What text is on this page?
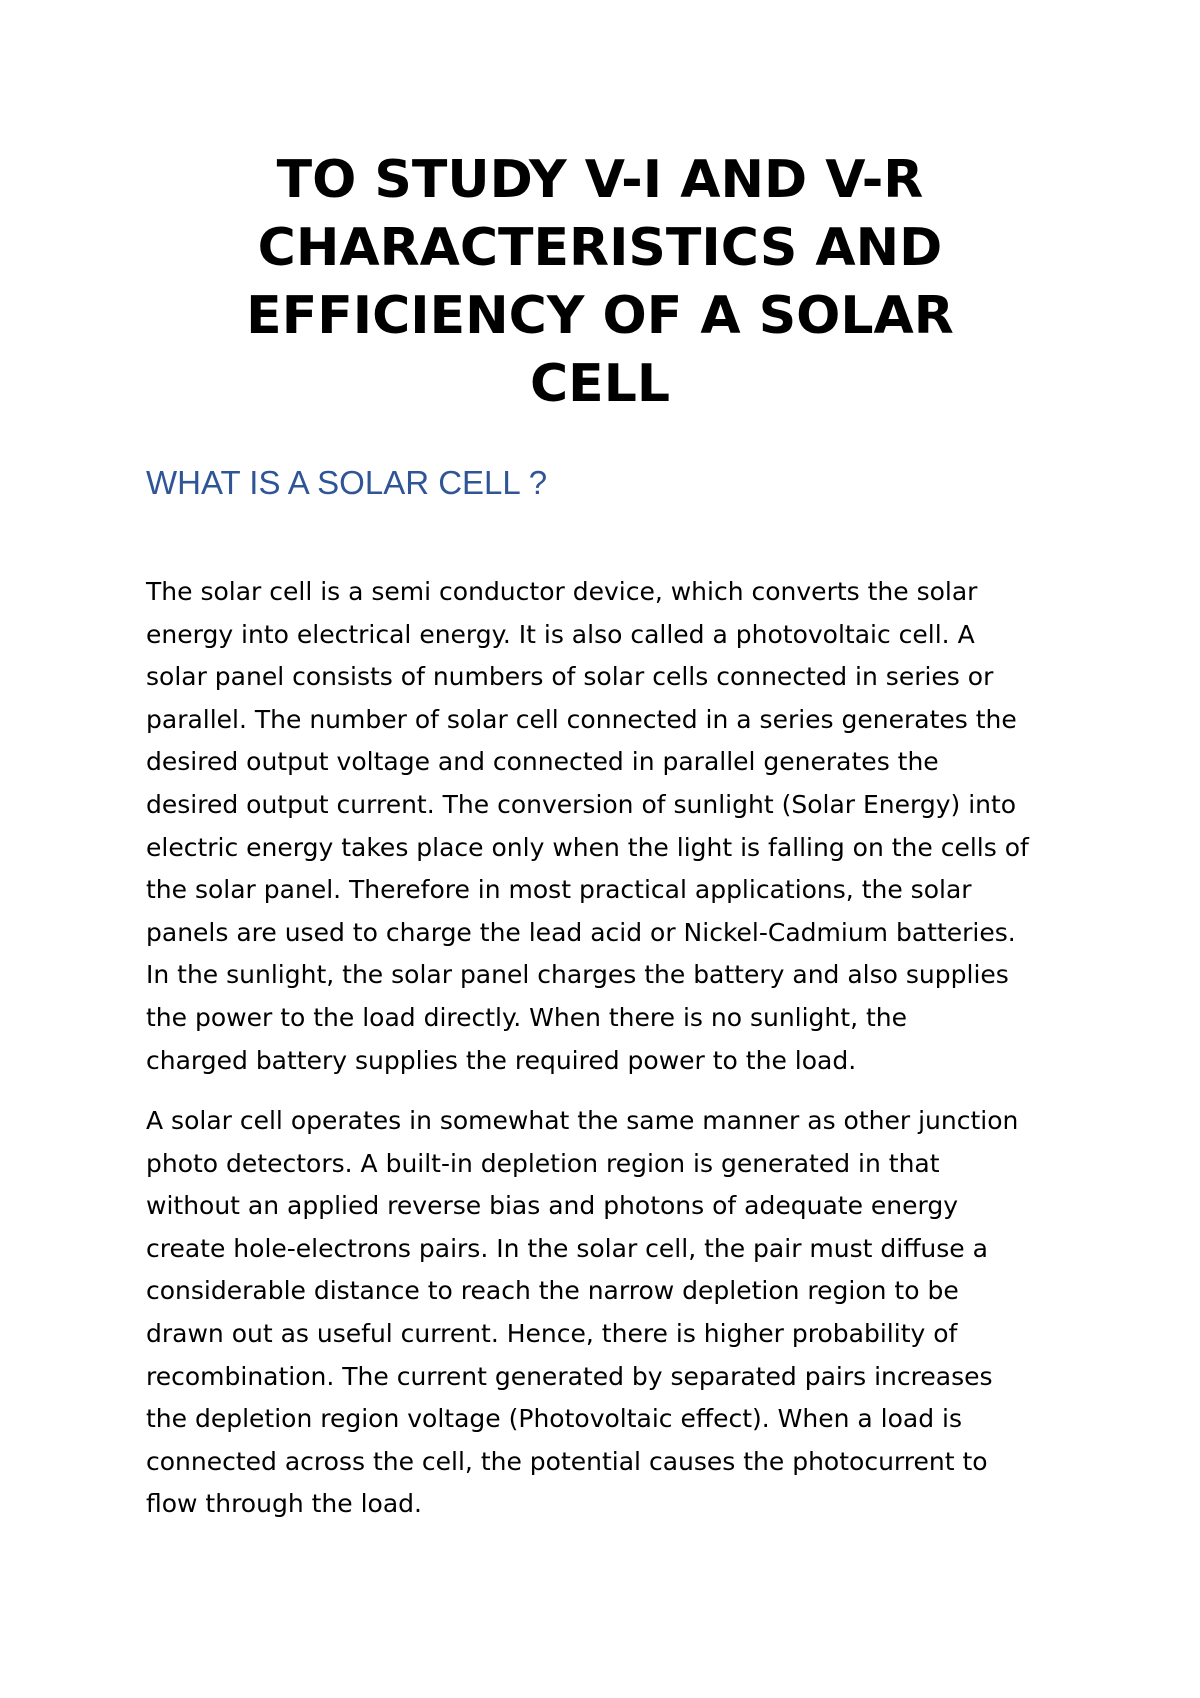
TO STUDY V-I AND V-R
CHARACTERISTICS AND
EFFICIENCY OF A SOLAR
CELL
WHAT IS A SOLAR CELL ?

The solar cell is a semi conductor device, which converts the solar
energy into electrical energy. It is also called a photovoltaic cell. A
solar panel consists of numbers of solar cells connected in series or
parallel. The number of solar cell connected in a series generates the
desired output voltage and connected in parallel generates the
desired output current. The conversion of sunlight (Solar Energy) into
electric energy takes place only when the light is falling on the cells of
the solar panel. Therefore in most practical applications, the solar
panels are used to charge the lead acid or Nickel-Cadmium batteries.
In the sunlight, the solar panel charges the battery and also supplies
the power to the load directly. When there is no sunlight, the
charged battery supplies the required power to the load.

A solar cell operates in somewhat the same manner as other junction
photo detectors. A built-in depletion region is generated in that
without an applied reverse bias and photons of adequate energy
create hole-electrons pairs. In the solar cell, the pair must diffuse a
considerable distance to reach the narrow depletion region to be
drawn out as useful current. Hence, there is higher probability of
recombination. The current generated by separated pairs increases
the depletion region voltage (Photovoltaic effect). When a load is
connected across the cell, the potential causes the photocurrent to
flow through the load.
